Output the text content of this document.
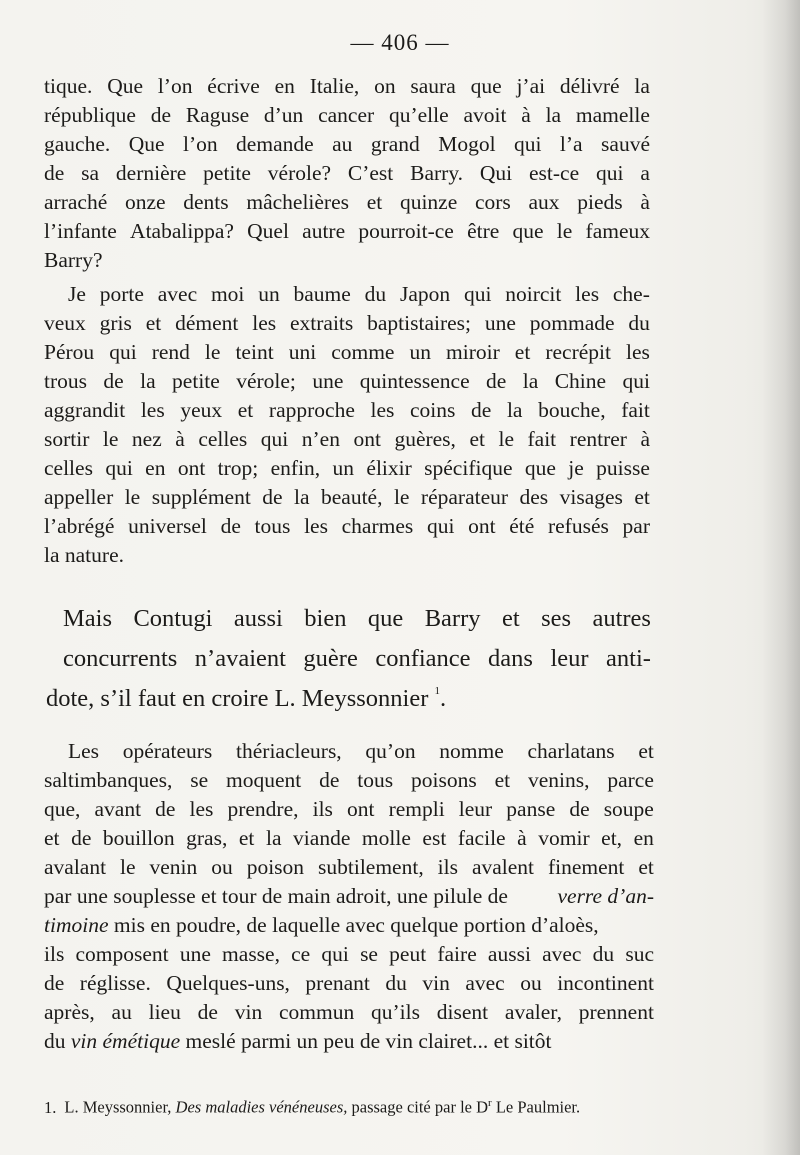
— 406 —
tique. Que l’on écrive en Italie, on saura que j’ai délivré la
république de Raguse d’un cancer qu’elle avoit à la mamelle
gauche. Que l’on demande au grand Mogol qui l’a sauvé
de sa dernière petite vérole? C’est Barry. Qui est-ce qui a
arraché onze dents mâchelières et quinze cors aux pieds à
l’infante Atabalippa? Quel autre pourroit-ce être que le fameux
Barry?
Je porte avec moi un baume du Japon qui noircit les che-
veux gris et dément les extraits baptistaires; une pommade du
Pérou qui rend le teint uni comme un miroir et recrépit les
trous de la petite vérole; une quintessence de la Chine qui
aggrandit les yeux et rapproche les coins de la bouche, fait
sortir le nez à celles qui n’en ont guères, et le fait rentrer à
celles qui en ont trop; enfin, un élixir spécifique que je puisse
appeller le supplément de la beauté, le réparateur des visages et
l’abrégé universel de tous les charmes qui ont été refusés par
la nature.
Mais Contugi aussi bien que Barry et ses autres
concurrents n’avaient guère confiance dans leur anti-
dote, s’il faut en croire L. Meyssonnier
1 .
Les opérateurs thériacleurs, qu’on nomme charlatans et
saltimbanques, se moquent de tous poisons et venins, parce
que, avant de les prendre, ils ont rempli leur panse de soupe
et de bouillon gras, et la viande molle est facile à vomir et, en
avalant le venin ou poison subtilement, ils avalent finement et
par une souplesse et tour de main adroit, une pilule de verre d’an-
timoine
mis en poudre, de laquelle avec quelque portion d’aloès,
ils composent une masse, ce qui se peut faire aussi avec du suc
de réglisse. Quelques-uns, prenant du vin avec ou incontinent
après, au lieu de vin commun qu’ils disent avaler, prennent
du
vin émétique
meslé parmi un peu de vin clairet... et sitôt
1. L. Meyssonnier, Des maladies vénéneuses, passage cité par le $D^r$ Le Paulmier.
